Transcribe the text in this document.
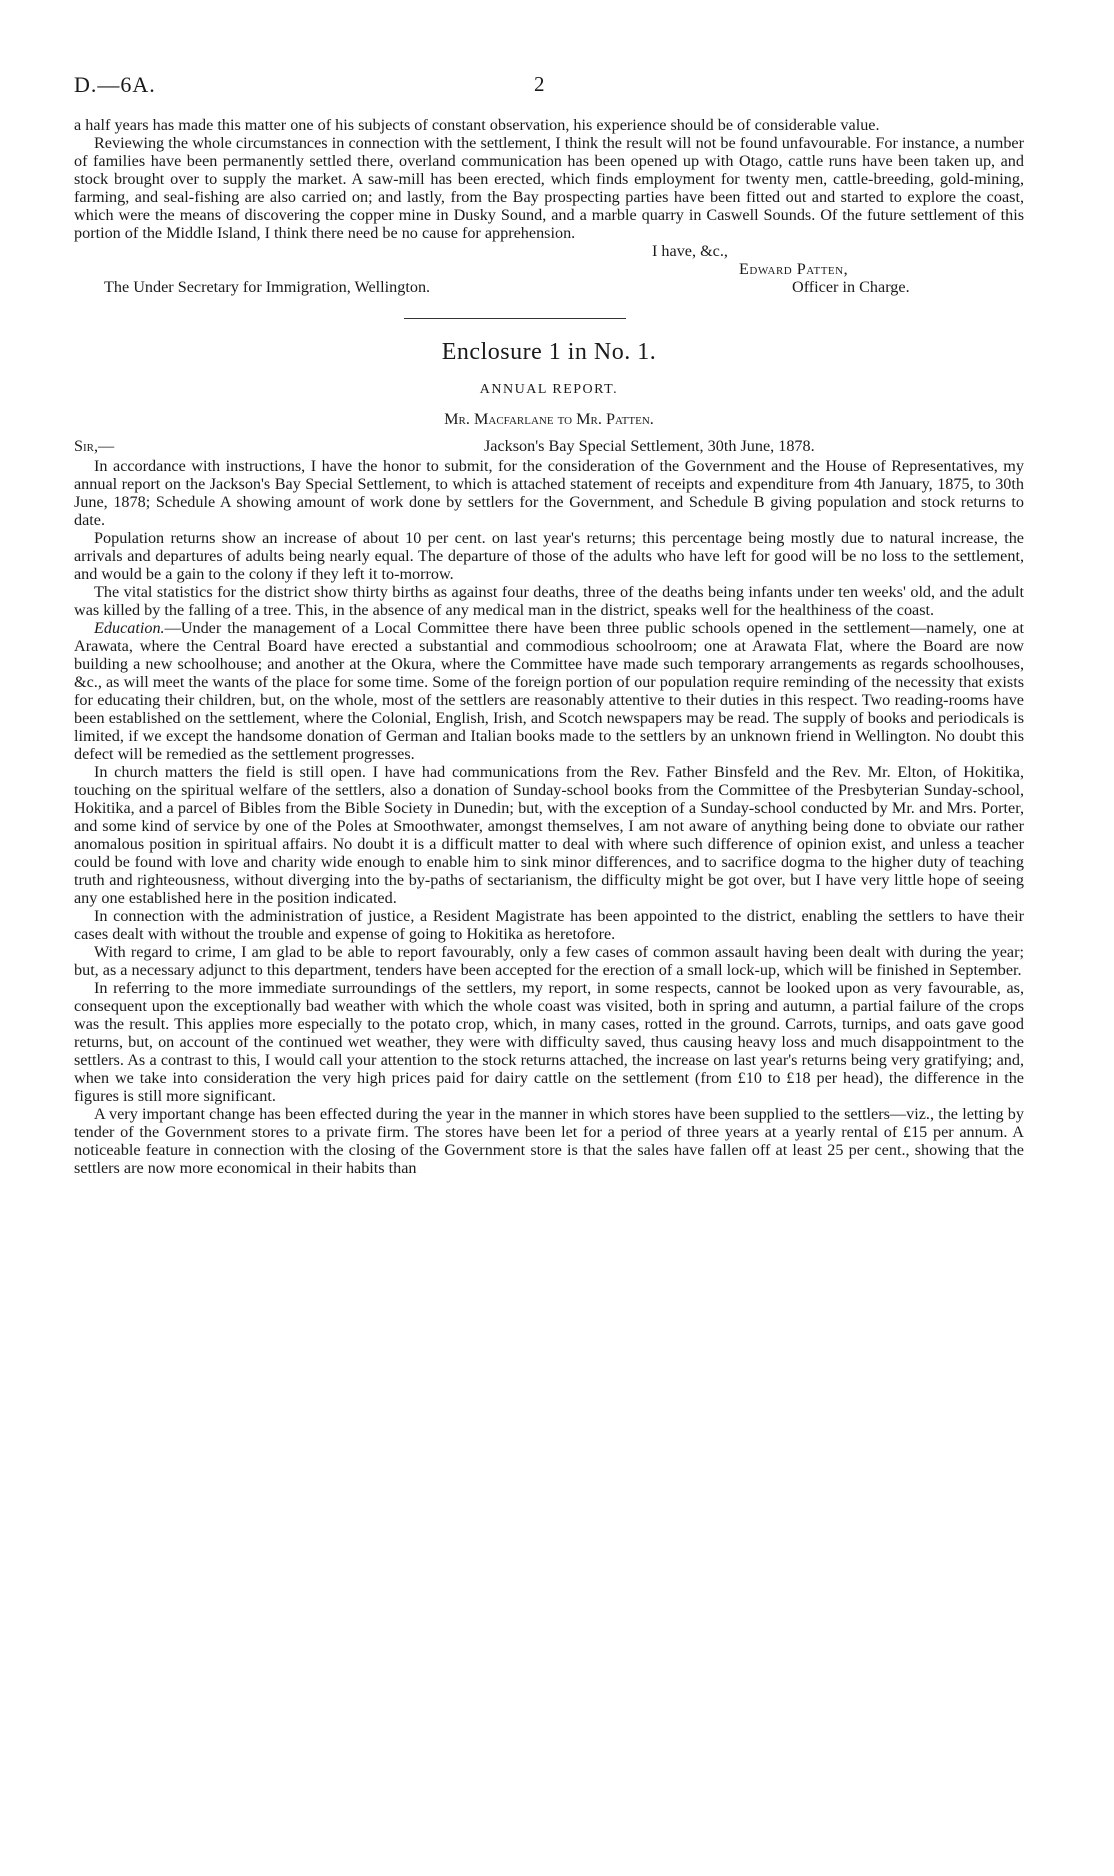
D.—6A.	2

a half years has made this matter one of his subjects of constant observation, his experience should be of considerable value.

Reviewing the whole circumstances in connection with the settlement, I think the result will not be found unfavourable. For instance, a number of families have been permanently settled there, overland communication has been opened up with Otago, cattle runs have been taken up, and stock brought over to supply the market. A saw-mill has been erected, which finds employment for twenty men, cattle-breeding, gold-mining, farming, and seal-fishing are also carried on; and lastly, from the Bay prospecting parties have been fitted out and started to explore the coast, which were the means of discovering the copper mine in Dusky Sound, and a marble quarry in Caswell Sounds. Of the future settlement of this portion of the Middle Island, I think there need be no cause for apprehension.

I have, &c.,
Edward Patten,
The Under Secretary for Immigration, Wellington.	Officer in Charge.
Enclosure 1 in No. 1.
ANNUAL REPORT.
Mr. Macfarlane to Mr. Patten.
Sir,—	Jackson's Bay Special Settlement, 30th June, 1878.

In accordance with instructions, I have the honor to submit, for the consideration of the Government and the House of Representatives, my annual report on the Jackson's Bay Special Settlement, to which is attached statement of receipts and expenditure from 4th January, 1875, to 30th June, 1878; Schedule A showing amount of work done by settlers for the Government, and Schedule B giving population and stock returns to date.

Population returns show an increase of about 10 per cent. on last year's returns; this percentage being mostly due to natural increase, the arrivals and departures of adults being nearly equal. The departure of those of the adults who have left for good will be no loss to the settlement, and would be a gain to the colony if they left it to-morrow.

The vital statistics for the district show thirty births as against four deaths, three of the deaths being infants under ten weeks' old, and the adult was killed by the falling of a tree. This, in the absence of any medical man in the district, speaks well for the healthiness of the coast.

Education.—Under the management of a Local Committee there have been three public schools opened in the settlement—namely, one at Arawata, where the Central Board have erected a substantial and commodious schoolroom; one at Arawata Flat, where the Board are now building a new schoolhouse; and another at the Okura, where the Committee have made such temporary arrangements as regards schoolhouses, &c., as will meet the wants of the place for some time. Some of the foreign portion of our population require reminding of the necessity that exists for educating their children, but, on the whole, most of the settlers are reasonably attentive to their duties in this respect. Two reading-rooms have been established on the settlement, where the Colonial, English, Irish, and Scotch newspapers may be read. The supply of books and periodicals is limited, if we except the handsome donation of German and Italian books made to the settlers by an unknown friend in Wellington. No doubt this defect will be remedied as the settlement progresses.

In church matters the field is still open. I have had communications from the Rev. Father Binsfeld and the Rev. Mr. Elton, of Hokitika, touching on the spiritual welfare of the settlers, also a donation of Sunday-school books from the Committee of the Presbyterian Sunday-school, Hokitika, and a parcel of Bibles from the Bible Society in Dunedin; but, with the exception of a Sunday-school conducted by Mr. and Mrs. Porter, and some kind of service by one of the Poles at Smoothwater, amongst themselves, I am not aware of anything being done to obviate our rather anomalous position in spiritual affairs. No doubt it is a difficult matter to deal with where such difference of opinion exist, and unless a teacher could be found with love and charity wide enough to enable him to sink minor differences, and to sacrifice dogma to the higher duty of teaching truth and righteousness, without diverging into the by-paths of sectarianism, the difficulty might be got over, but I have very little hope of seeing any one established here in the position indicated.

In connection with the administration of justice, a Resident Magistrate has been appointed to the district, enabling the settlers to have their cases dealt with without the trouble and expense of going to Hokitika as heretofore.

With regard to crime, I am glad to be able to report favourably, only a few cases of common assault having been dealt with during the year; but, as a necessary adjunct to this department, tenders have been accepted for the erection of a small lock-up, which will be finished in September.

In referring to the more immediate surroundings of the settlers, my report, in some respects, cannot be looked upon as very favourable, as, consequent upon the exceptionally bad weather with which the whole coast was visited, both in spring and autumn, a partial failure of the crops was the result. This applies more especially to the potato crop, which, in many cases, rotted in the ground. Carrots, turnips, and oats gave good returns, but, on account of the continued wet weather, they were with difficulty saved, thus causing heavy loss and much disappointment to the settlers. As a contrast to this, I would call your attention to the stock returns attached, the increase on last year's returns being very gratifying; and, when we take into consideration the very high prices paid for dairy cattle on the settlement (from £10 to £18 per head), the difference in the figures is still more significant.

A very important change has been effected during the year in the manner in which stores have been supplied to the settlers—viz., the letting by tender of the Government stores to a private firm. The stores have been let for a period of three years at a yearly rental of £15 per annum. A noticeable feature in connection with the closing of the Government store is that the sales have fallen off at least 25 per cent., showing that the settlers are now more economical in their habits than
